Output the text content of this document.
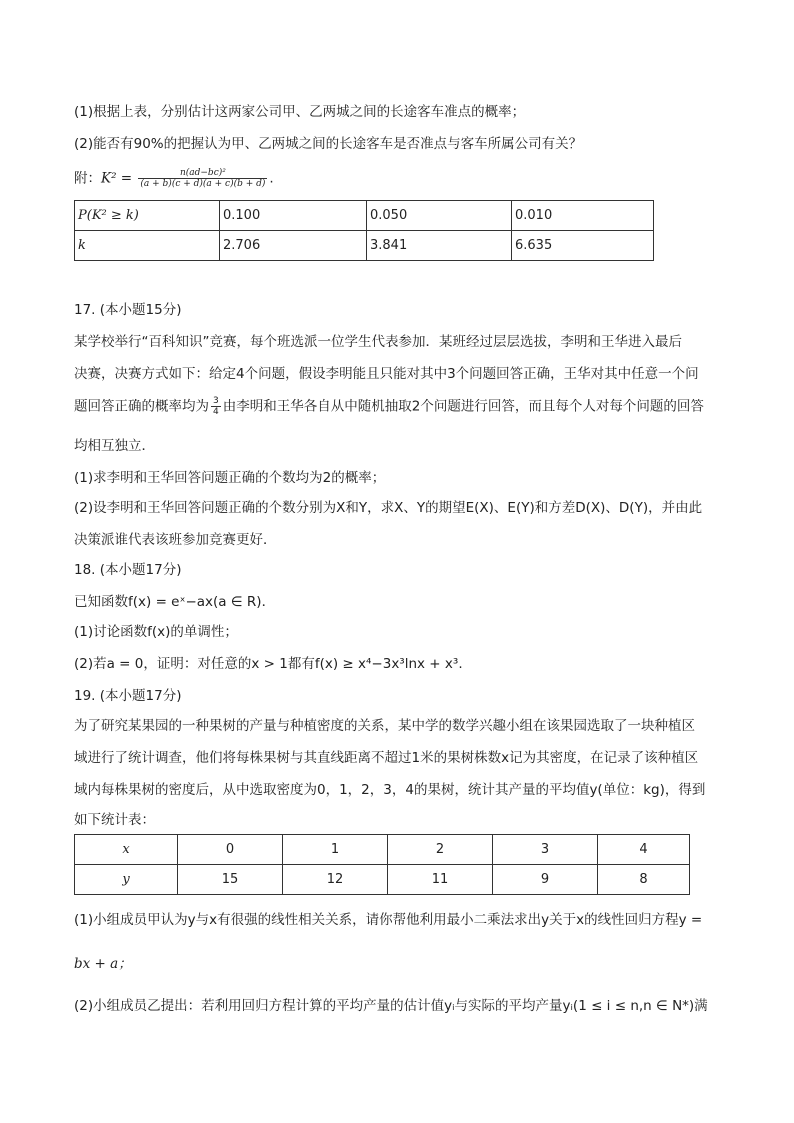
(1)根据上表，分别估计这两家公司甲、乙两城之间的长途客车准点的概率；
(2)能否有90%的把握认为甲、乙两城之间的长途客车是否准点与客车所属公司有关？
附：$K^2 = \frac{\text{n(ad−bc)²}}{(a + b)(c + d)(a + c)(b + d)}$ .
P(K² ≥ k)	0.100	0.050	0.010
k	2.706	3.841	6.635
17. (本小题15分)
某学校举行“百科知识”竞赛，每个班选派一位学生代表参加．某班经过层层选拔，李明和王华进入最后
决赛，决赛方式如下：给定4个问题，假设李明能且只能对其中3个问题回答正确，王华对其中任意一个问
题回答正确的概率均为 $\frac{3}{4}$ 由李明和王华各自从中随机抽取2个问题进行回答，而且每个人对每个问题的回答
均相互独立．
(1)求李明和王华回答问题正确的个数均为2的概率；
(2)设李明和王华回答问题正确的个数分别为X和Y，求X、Y的期望E(X)、E(Y)和方差D(X)、D(Y)，并由此
决策派谁代表该班参加竞赛更好．
18. (本小题17分)
已知函数f(x) = eˣ−ax(a ∈ R)．
(1)讨论函数f(x)的单调性；
(2)若a = 0，证明：对任意的x > 1都有f(x) ≥ x⁴−3x³lnx + x³.
19. (本小题17分)
为了研究某果园的一种果树的产量与种植密度的关系，某中学的数学兴趣小组在该果园选取了一块种植区
域进行了统计调查，他们将每株果树与其直线距离不超过1米的果树株数x记为其密度，在记录了该种植区
域内每株果树的密度后，从中选取密度为0，1，2，3，4的果树，统计其产量的平均值y(单位：kg)，得到
如下统计表：
x	0	1	2	3	4
y	15	12	11	9	8
(1)小组成员甲认为y与x有很强的线性相关关系，请你帮他利用最小二乘法求出y关于x的线性回归方程y =
bx + a；
(2)小组成员乙提出：若利用回归方程计算的平均产量的估计值yᵢ与实际的平均产量yᵢ(1 ≤ i ≤ n,n ∈ N*)满
